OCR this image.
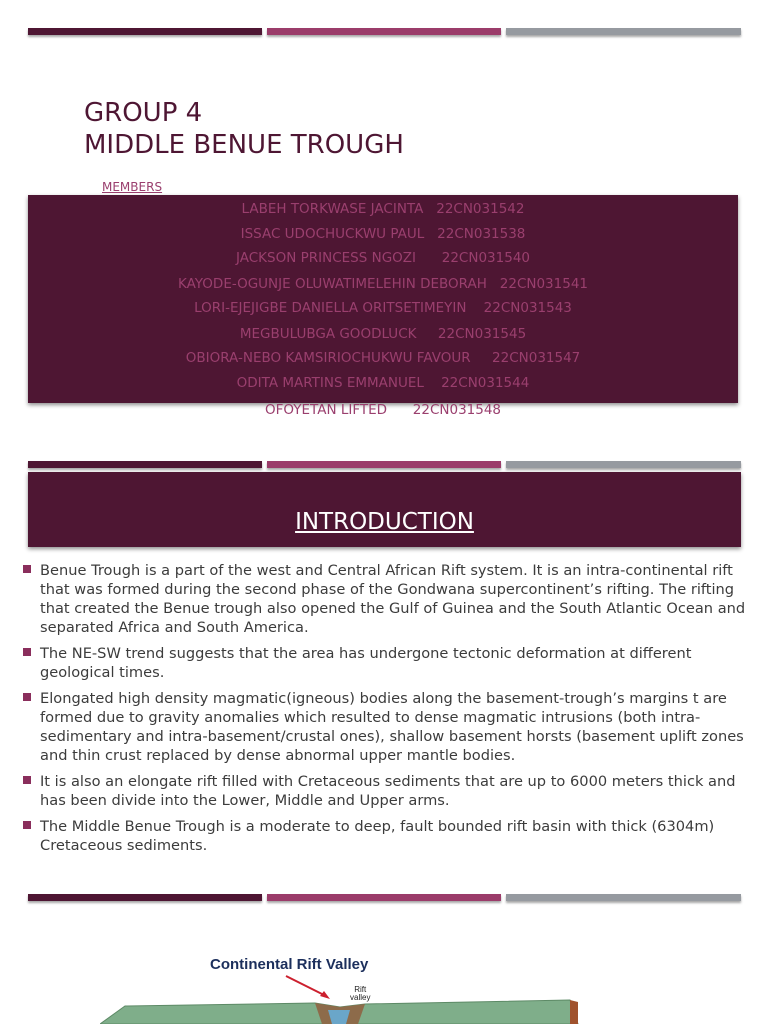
GROUP 4
MIDDLE BENUE TROUGH
MEMBERS
LABEH TORKWASE JACINTA   22CN031542
ISSAC UDOCHUCKWU PAUL   22CN031538
JACKSON PRINCESS NGOZI      22CN031540
KAYODE-OGUNJE OLUWATIMELEHIN DEBORAH   22CN031541
LORI-EJEJIGBE DANIELLA ORITSETIMEYIN    22CN031543
MEGBULUBGA GOODLUCK     22CN031545
OBIORA-NEBO KAMSIRIOCHUKWU FAVOUR     22CN031547
ODITA MARTINS EMMANUEL    22CN031544
OFOYETAN LIFTED      22CN031548
INTRODUCTION
Benue Trough is a part of the west and Central African Rift system. It is an intra-continental rift that was formed during the second phase of the Gondwana supercontinent’s rifting. The rifting that created the Benue trough also opened the Gulf of Guinea and the South Atlantic Ocean and separated Africa and South America.
The NE-SW trend suggests that the area has undergone tectonic deformation at different geological times.
Elongated high density magmatic(igneous) bodies along the basement-trough’s margins t are formed due to gravity anomalies which resulted to dense magmatic intrusions (both intra-sedimentary and intra-basement/crustal ones), shallow basement horsts (basement uplift zones and thin crust replaced by dense abnormal upper mantle bodies.
It is also an elongate rift filled with Cretaceous sediments that are up to 6000 meters thick and has been divide into the Lower, Middle and Upper arms.
The Middle Benue Trough is a moderate to deep, fault bounded rift basin with thick (6304m) Cretaceous sediments.
Continental Rift Valley
Rift
valley
